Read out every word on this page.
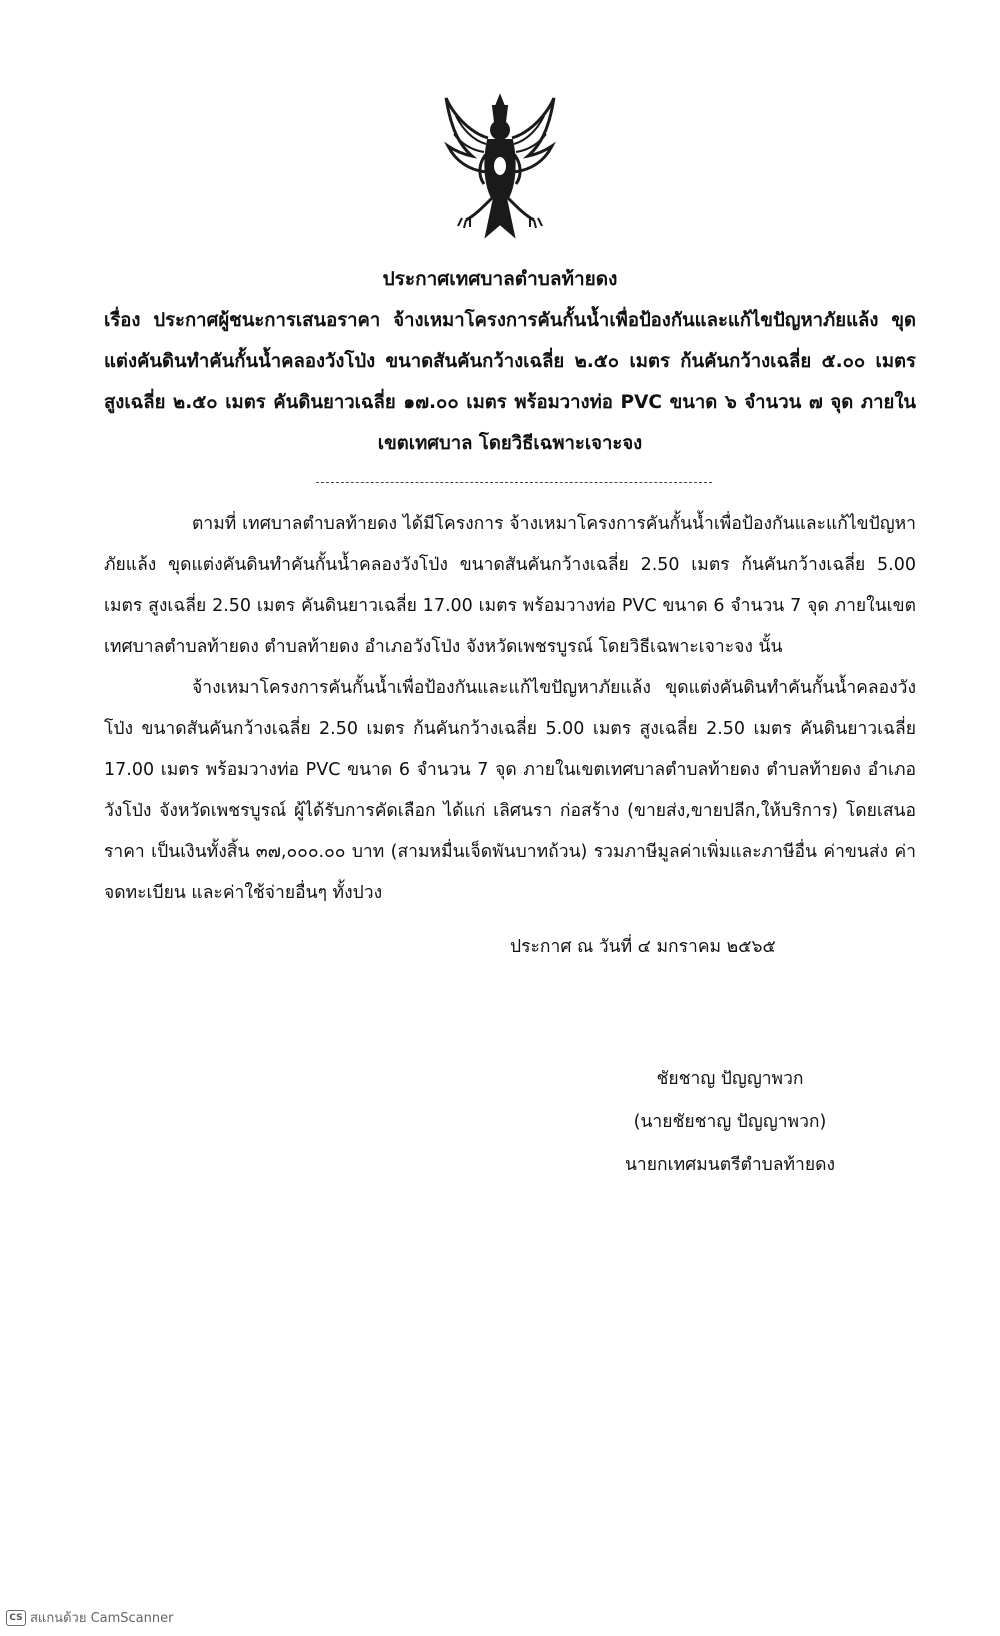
ประกาศเทศบาลตำบลท้ายดง
เรื่อง ประกาศผู้ชนะการเสนอราคา จ้างเหมาโครงการคันกั้นน้ำเพื่อป้องกันและแก้ไขปัญหาภัยแล้ง ขุดแต่งคันดินทำคันกั้นน้ำคลองวังโป่ง ขนาดสันคันกว้างเฉลี่ย ๒.๕๐ เมตร ก้นคันกว้างเฉลี่ย ๕.๐๐ เมตร สูงเฉลี่ย ๒.๕๐ เมตร คันดินยาวเฉลี่ย ๑๗.๐๐ เมตร พร้อมวางท่อ PVC ขนาด ๖ จำนวน ๗ จุด ภายในเขตเทศบาล โดยวิธีเฉพาะเจาะจง
ตามที่ เทศบาลตำบลท้ายดง ได้มีโครงการ จ้างเหมาโครงการคันกั้นน้ำเพื่อป้องกันและแก้ไขปัญหาภัยแล้ง ขุดแต่งคันดินทำคันกั้นน้ำคลองวังโป่ง ขนาดสันคันกว้างเฉลี่ย 2.50 เมตร ก้นคันกว้างเฉลี่ย 5.00 เมตร สูงเฉลี่ย 2.50 เมตร คันดินยาวเฉลี่ย 17.00 เมตร พร้อมวางท่อ PVC ขนาด 6 จำนวน 7 จุด ภายในเขตเทศบาลตำบลท้ายดง ตำบลท้ายดง อำเภอวังโป่ง จังหวัดเพชรบูรณ์ โดยวิธีเฉพาะเจาะจง นั้น
จ้างเหมาโครงการคันกั้นน้ำเพื่อป้องกันและแก้ไขปัญหาภัยแล้ง ขุดแต่งคันดินทำคันกั้นน้ำคลองวังโป่ง ขนาดสันคันกว้างเฉลี่ย 2.50 เมตร ก้นคันกว้างเฉลี่ย 5.00 เมตร สูงเฉลี่ย 2.50 เมตร คันดินยาวเฉลี่ย 17.00 เมตร พร้อมวางท่อ PVC ขนาด 6 จำนวน 7 จุด ภายในเขตเทศบาลตำบลท้ายดง ตำบลท้ายดง อำเภอวังโป่ง จังหวัดเพชรบูรณ์ ผู้ได้รับการคัดเลือก ได้แก่ เลิศนรา ก่อสร้าง (ขายส่ง,ขายปลีก,ให้บริการ) โดยเสนอราคา เป็นเงินทั้งสิ้น ๓๗,๐๐๐.๐๐ บาท (สามหมื่นเจ็ดพันบาทถ้วน) รวมภาษีมูลค่าเพิ่มและภาษีอื่น ค่าขนส่ง ค่าจดทะเบียน และค่าใช้จ่ายอื่นๆ ทั้งปวง
ประกาศ ณ วันที่ ๔ มกราคม ๒๕๖๕
ชัยชาญ ปัญญาพวก
(นายชัยชาญ ปัญญาพวก)
นายกเทศมนตรีตำบลท้ายดง
CS สแกนด้วย CamScanner
